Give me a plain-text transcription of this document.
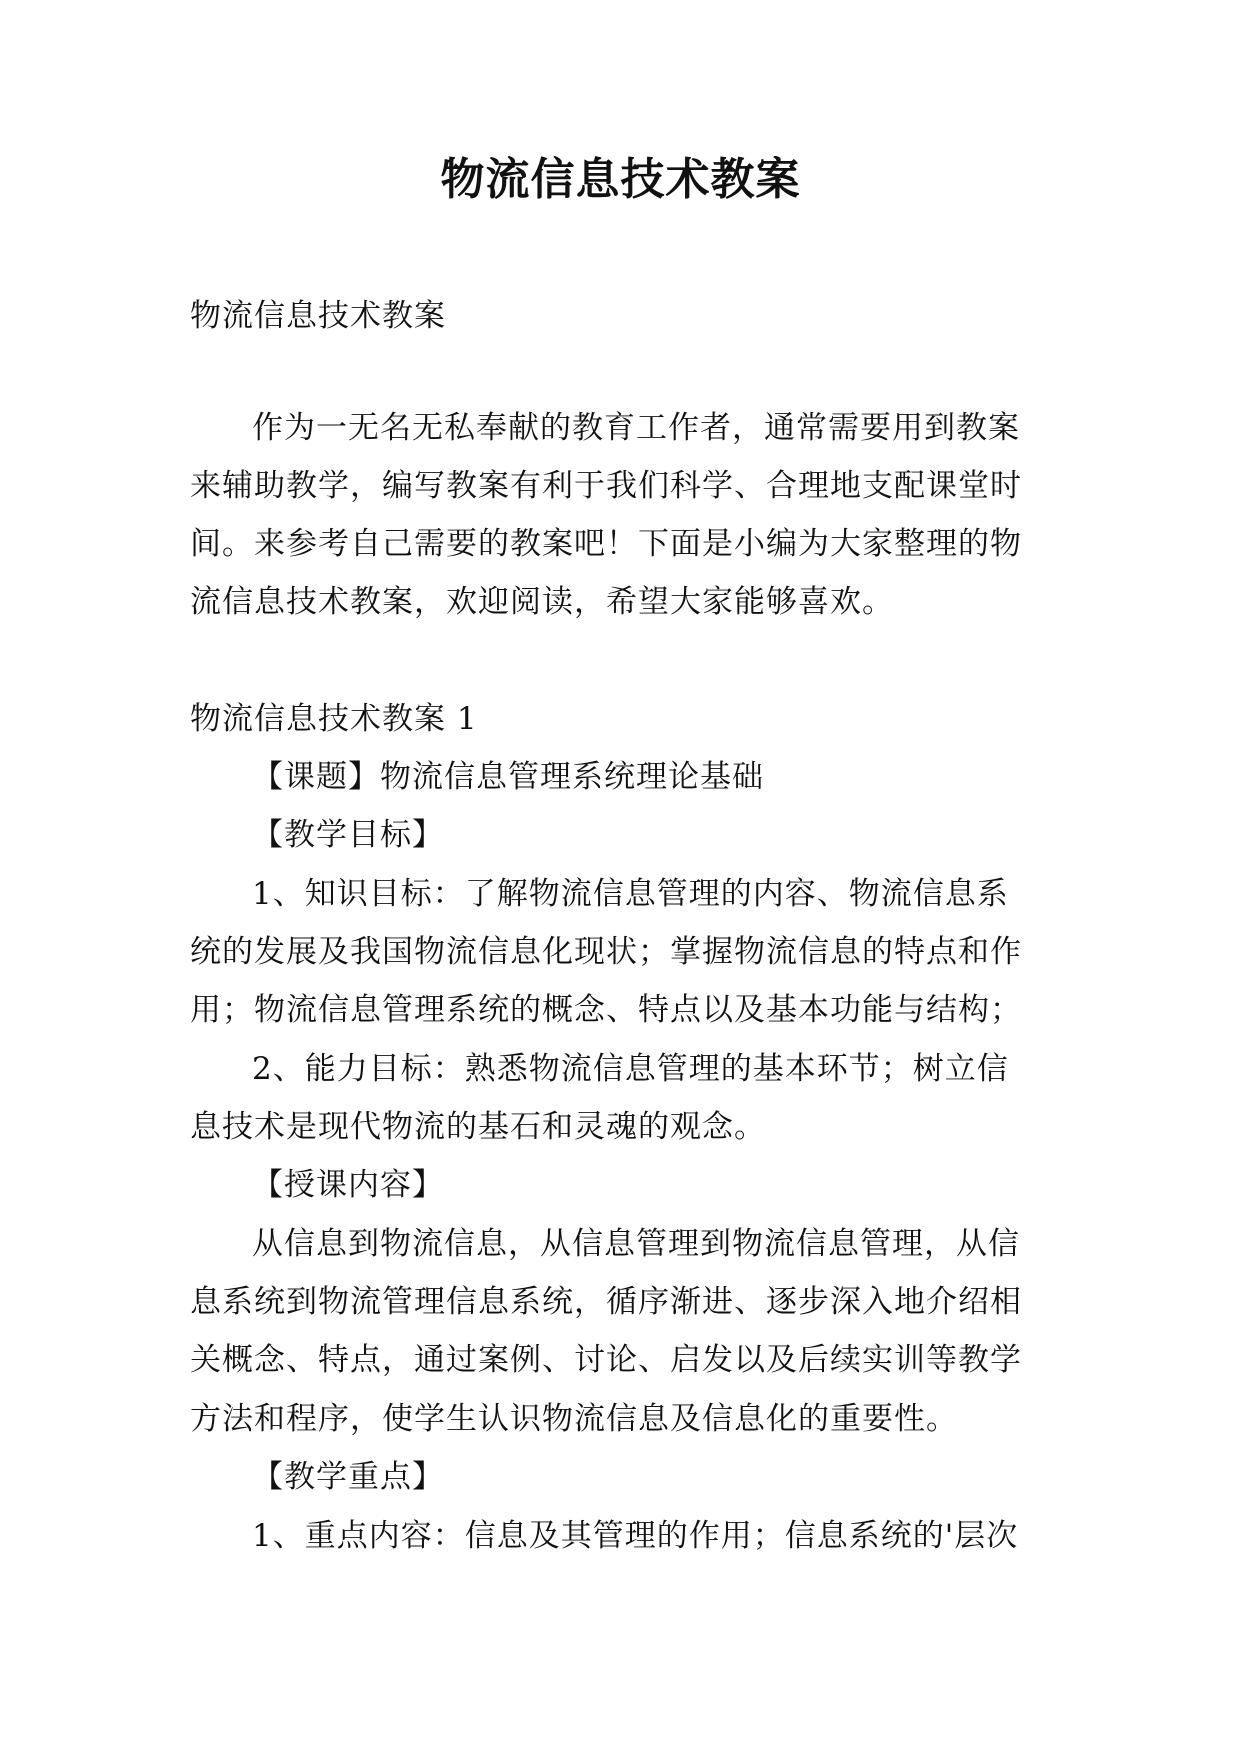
物流信息技术教案
物流信息技术教案
作为一无名无私奉献的教育工作者，通常需要用到教案
来辅助教学，编写教案有利于我们科学、合理地支配课堂时
间。来参考自己需要的教案吧！下面是小编为大家整理的物
流信息技术教案，欢迎阅读，希望大家能够喜欢。
物流信息技术教案 1
【课题】物流信息管理系统理论基础
【教学目标】
1、知识目标：了解物流信息管理的内容、物流信息系
统的发展及我国物流信息化现状；掌握物流信息的特点和作
用；物流信息管理系统的概念、特点以及基本功能与结构；
2、能力目标：熟悉物流信息管理的基本环节；树立信
息技术是现代物流的基石和灵魂的观念。
【授课内容】
从信息到物流信息，从信息管理到物流信息管理，从信
息系统到物流管理信息系统，循序渐进、逐步深入地介绍相
关概念、特点，通过案例、讨论、启发以及后续实训等教学
方法和程序，使学生认识物流信息及信息化的重要性。
【教学重点】
1、重点内容：信息及其管理的作用；信息系统的'层次
